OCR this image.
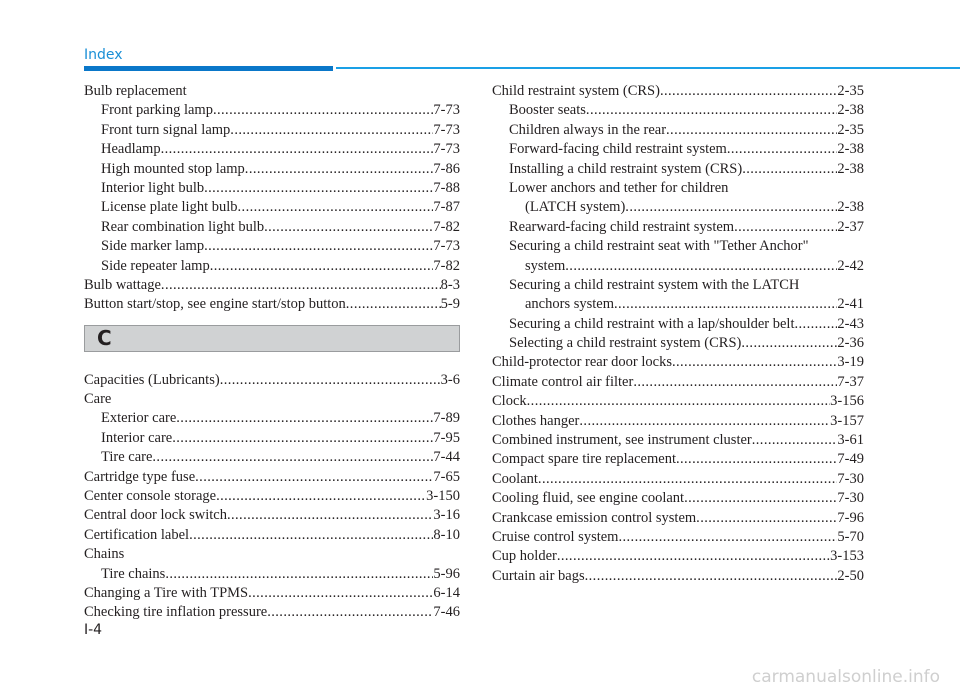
Index
Bulb replacement
Front parking lamp .....	7-73
Front turn signal lamp .....	7-73
Headlamp .....	7-73
High mounted stop lamp .....	7-86
Interior light bulb .....	7-88
License plate light bulb .....	7-87
Rear combination light bulb .....	7-82
Side marker lamp .....	7-73
Side repeater lamp .....	7-82
Bulb wattage .....	8-3
Button start/stop, see engine start/stop button .....	5-9
C
Capacities (Lubricants) .....	3-6
Care
Exterior care .....	7-89
Interior care .....	7-95
Tire care .....	7-44
Cartridge type fuse .....	7-65
Center console storage .....	3-150
Central door lock switch .....	3-16
Certification label .....	8-10
Chains
Tire chains .....	5-96
Changing a Tire with TPMS .....	6-14
Checking tire inflation pressure .....	7-46
Child restraint system (CRS) .....	2-35
Booster seats .....	2-38
Children always in the rear .....	2-35
Forward-facing child restraint system .....	2-38
Installing a child restraint system (CRS) .....	2-38
Lower anchors and tether for children
(LATCH system) .....	2-38
Rearward-facing child restraint system .....	2-37
Securing a child restraint seat with "Tether Anchor"
system .....	2-42
Securing a child restraint system with the LATCH
anchors system .....	2-41
Securing a child restraint with a lap/shoulder belt .....	2-43
Selecting a child restraint system (CRS) .....	2-36
Child-protector rear door locks .....	3-19
Climate control air filter .....	7-37
Clock .....	3-156
Clothes hanger .....	3-157
Combined instrument, see instrument cluster .....	3-61
Compact spare tire replacement .....	7-49
Coolant .....	7-30
Cooling fluid, see engine coolant .....	7-30
Crankcase emission control system .....	7-96
Cruise control system .....	5-70
Cup holder .....	3-153
Curtain air bags .....	2-50
I-4
carmanualsonline.info
